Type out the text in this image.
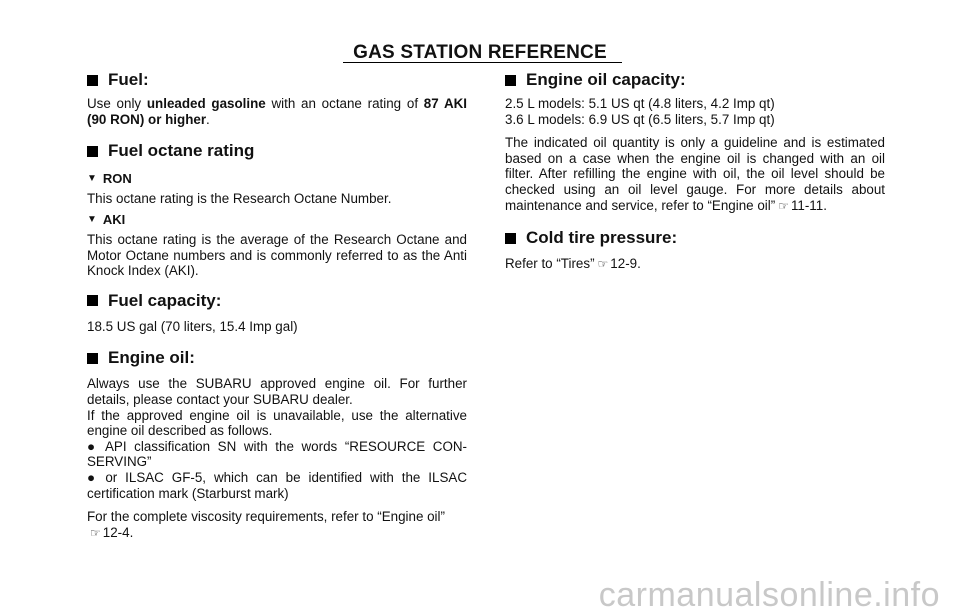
GAS STATION REFERENCE
Fuel:

Use only unleaded gasoline with an octane rating of 87 AKI (90 RON) or higher.

Fuel octane rating
▼ RON

This octane rating is the Research Octane Number.

▼ AKI

This octane rating is the average of the Research Octane and Motor Octane numbers and is commonly referred to as the Anti Knock Index (AKI).

Fuel capacity:

18.5 US gal (70 liters, 15.4 Imp gal)

Engine oil:

Always use the SUBARU approved engine oil. For further details, please contact your SUBARU dealer.

If the approved engine oil is unavailable, use the alternative engine oil described as follows.

● API classification SN with the words “RESOURCE CON-SERVING”

● or ILSAC GF-5, which can be identified with the ILSAC certification mark (Starburst mark)

For the complete viscosity requirements, refer to “Engine oil”
☞ 12-4.

Engine oil capacity:

2.5 L models: 5.1 US qt (4.8 liters, 4.2 Imp qt)

3.6 L models: 6.9 US qt (6.5 liters, 5.7 Imp qt)

The indicated oil quantity is only a guideline and is estimated based on a case when the engine oil is changed with an oil filter. After refilling the engine with oil, the oil level should be checked using an oil level gauge. For more details about maintenance and service, refer to “Engine oil” ☞ 11-11.

Cold tire pressure:

Refer to “Tires” ☞ 12-9.

carmanualsonline.info
